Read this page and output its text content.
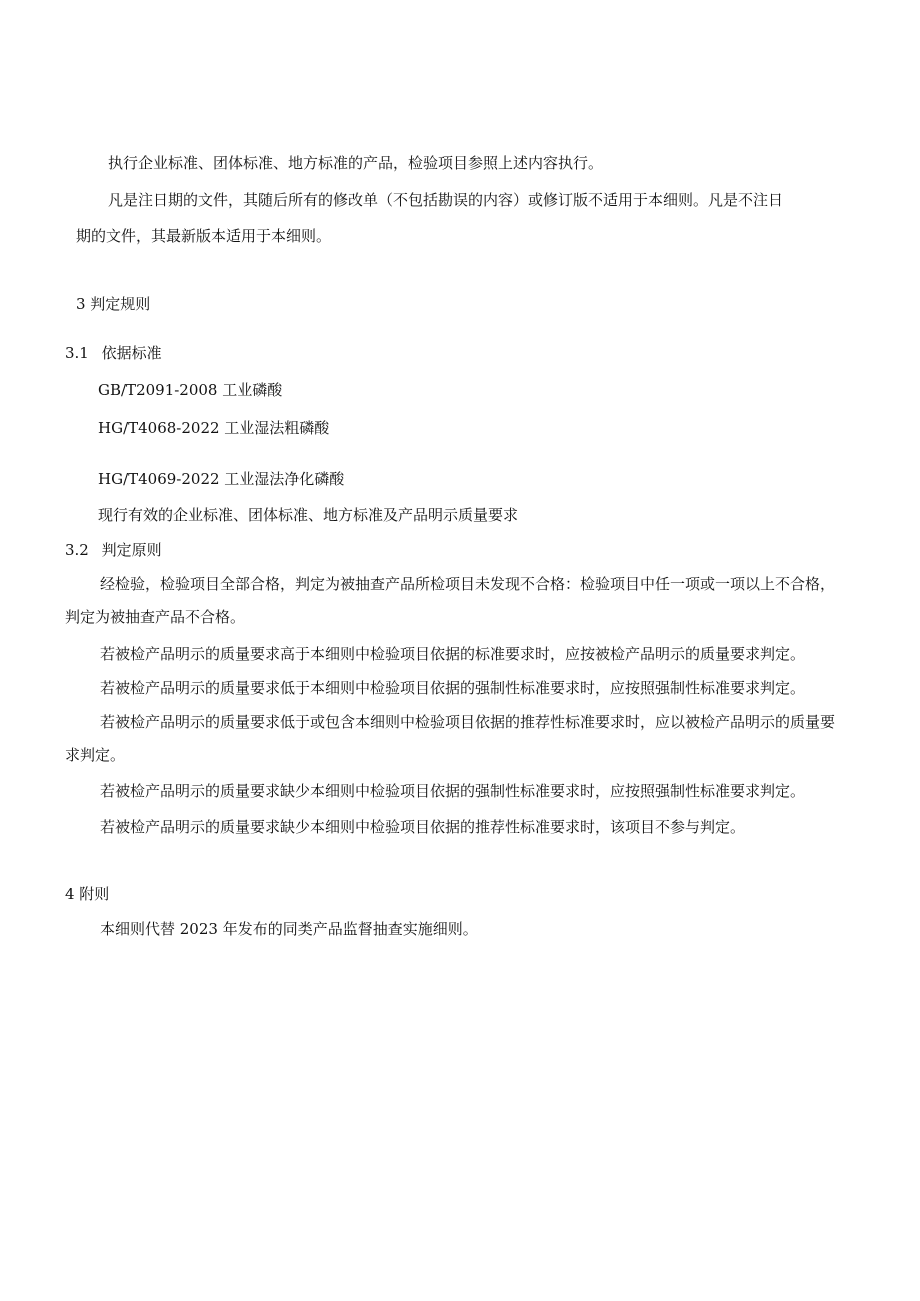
执行企业标准、团体标准、地方标准的产品，检验项目参照上述内容执行。
凡是注日期的文件，其随后所有的修改单（不包括勘误的内容）或修订版不适用于本细则。凡是不注日
期的文件，其最新版本适用于本细则。
3 判定规则
3.1 依据标准
GB/T2091-2008 工业磷酸
HG/T4068-2022 工业湿法粗磷酸
HG/T4069-2022 工业湿法净化磷酸
现行有效的企业标准、团体标准、地方标准及产品明示质量要求
3.2 判定原则
经检验，检验项目全部合格，判定为被抽查产品所检项目未发现不合格：检验项目中任一项或一项以上不合格，
判定为被抽查产品不合格。
若被检产品明示的质量要求高于本细则中检验项目依据的标准要求时，应按被检产品明示的质量要求判定。
若被检产品明示的质量要求低于本细则中检验项目依据的强制性标准要求时，应按照强制性标准要求判定。
若被检产品明示的质量要求低于或包含本细则中检验项目依据的推荐性标准要求时，应以被检产品明示的质量要
求判定。
若被检产品明示的质量要求缺少本细则中检验项目依据的强制性标准要求时，应按照强制性标准要求判定。
若被检产品明示的质量要求缺少本细则中检验项目依据的推荐性标准要求时，该项目不参与判定。
4 附则
本细则代替 2023 年发布的同类产品监督抽查实施细则。
